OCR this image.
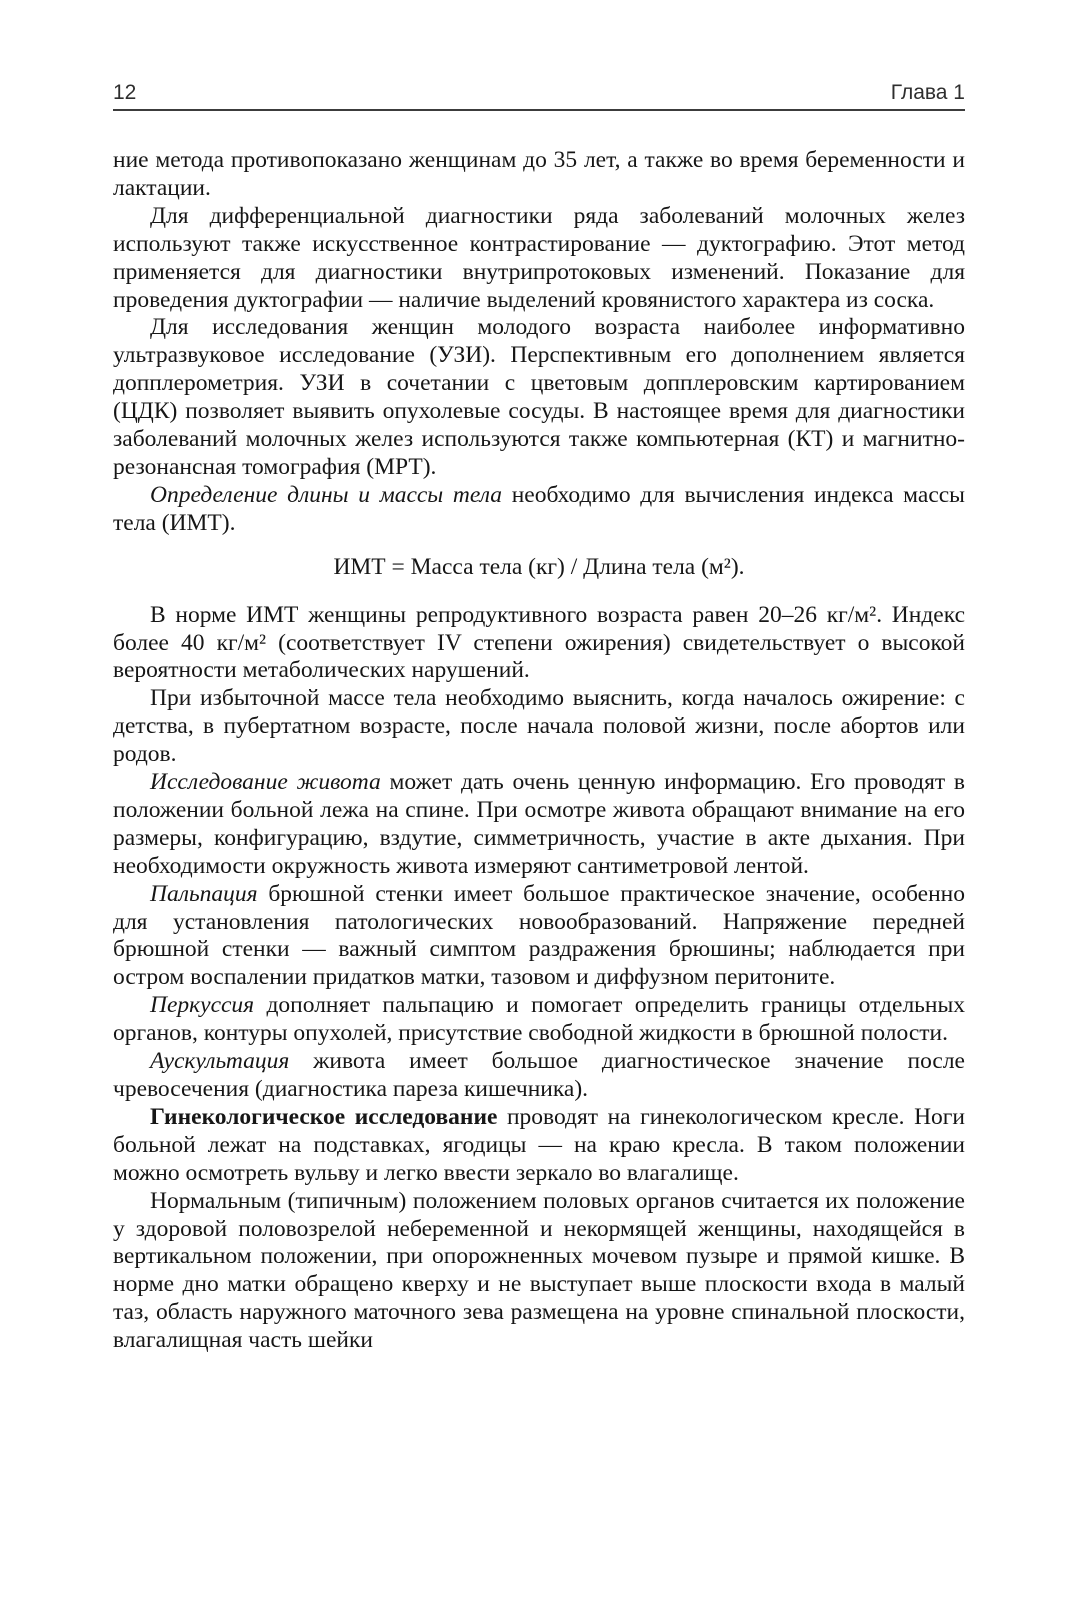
12	Глава 1

ние метода противопоказано женщинам до 35 лет, а также во время беременности и лактации.

Для дифференциальной диагностики ряда заболеваний молочных желез используют также искусственное контрастирование — дуктографию. Этот метод применяется для диагностики внутрипротоковых изменений. Показание для проведения дуктографии — наличие выделений кровянистого характера из соска.

Для исследования женщин молодого возраста наиболее информативно ультразвуковое исследование (УЗИ). Перспективным его дополнением является допплерометрия. УЗИ в сочетании с цветовым допплеровским картированием (ЦДК) позволяет выявить опухолевые сосуды. В настоящее время для диагностики заболеваний молочных желез используются также компьютерная (КТ) и магнитно-резонансная томография (МРТ).

Определение длины и массы тела необходимо для вычисления индекса массы тела (ИМТ).

ИМТ = Масса тела (кг) / Длина тела (м²).

В норме ИМТ женщины репродуктивного возраста равен 20–26 кг/м². Индекс более 40 кг/м² (соответствует IV степени ожирения) свидетельствует о высокой вероятности метаболических нарушений.

При избыточной массе тела необходимо выяснить, когда началось ожирение: с детства, в пубертатном возрасте, после начала половой жизни, после абортов или родов.

Исследование живота может дать очень ценную информацию. Его проводят в положении больной лежа на спине. При осмотре живота обращают внимание на его размеры, конфигурацию, вздутие, симметричность, участие в акте дыхания. При необходимости окружность живота измеряют сантиметровой лентой.

Пальпация брюшной стенки имеет большое практическое значение, особенно для установления патологических новообразований. Напряжение передней брюшной стенки — важный симптом раздражения брюшины; наблюдается при остром воспалении придатков матки, тазовом и диффузном перитоните.

Перкуссия дополняет пальпацию и помогает определить границы отдельных органов, контуры опухолей, присутствие свободной жидкости в брюшной полости.

Аускультация живота имеет большое диагностическое значение после чревосечения (диагностика пареза кишечника).

Гинекологическое исследование проводят на гинекологическом кресле. Ноги больной лежат на подставках, ягодицы — на краю кресла. В таком положении можно осмотреть вульву и легко ввести зеркало во влагалище.

Нормальным (типичным) положением половых органов считается их положение у здоровой половозрелой небеременной и некормящей женщины, находящейся в вертикальном положении, при опорожненных мочевом пузыре и прямой кишке. В норме дно матки обращено кверху и не выступает выше плоскости входа в малый таз, область наружного маточного зева размещена на уровне спинальной плоскости, влагалищная часть шейки
